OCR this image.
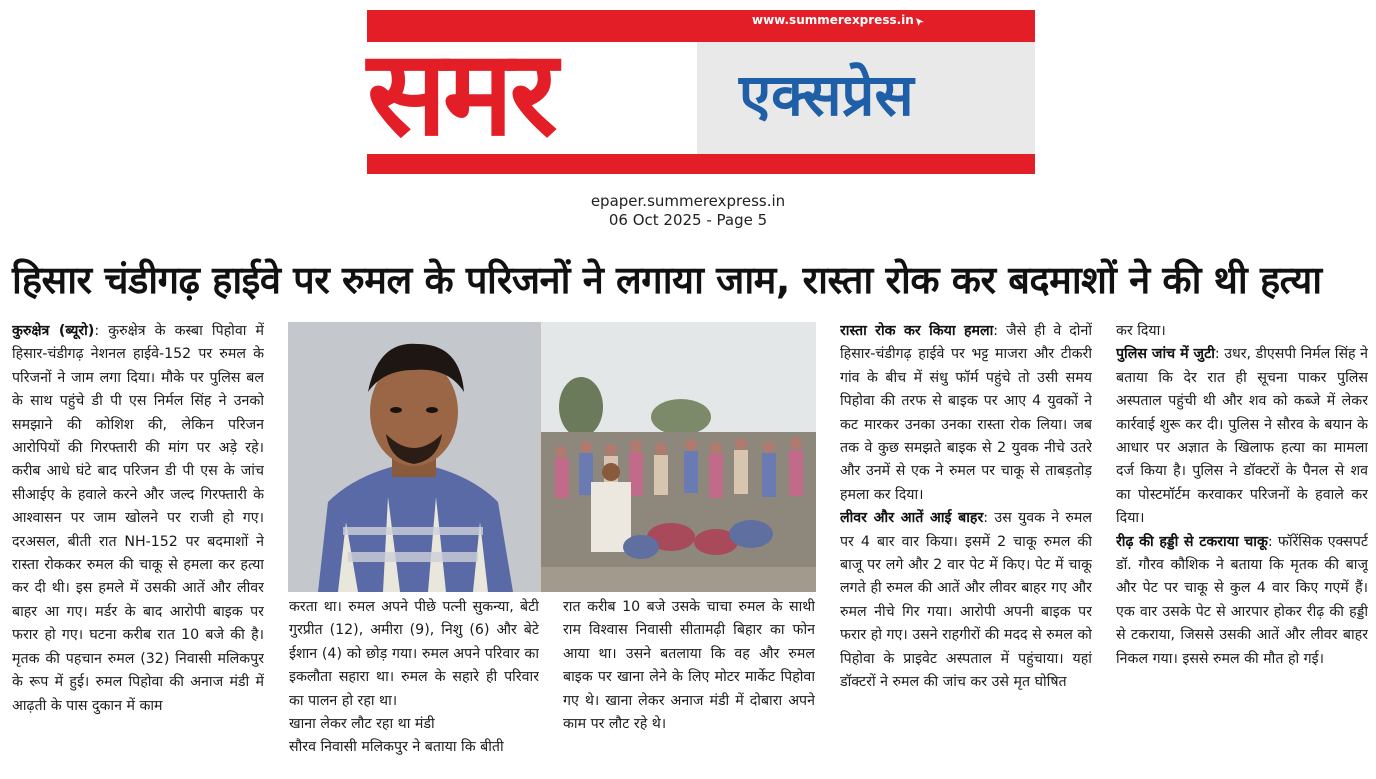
समर	एक्सप्रेस
www.summerexpress.in
epaper.summerexpress.in
06 Oct 2025 - Page 5
हिसार चंडीगढ़ हाईवे पर रुमल के परिजनों ने लगाया जाम, रास्ता रोक कर बदमाशों ने की थी हत्या

कुरुक्षेत्र (ब्यूरो): कुरुक्षेत्र के कस्बा पिहोवा में हिसार-चंडीगढ़ नेशनल हाईवे-152 पर रुमल के परिजनों ने जाम लगा दिया। मौके पर पुलिस बल के साथ पहुंचे डी पी एस निर्मल सिंह ने उनको समझाने की कोशिश की, लेकिन परिजन आरोपियों की गिरफ्तारी की मांग पर अड़े रहे। करीब आधे घंटे बाद परिजन डी पी एस के जांच सीआईए के हवाले करने और जल्द गिरफ्तारी के आश्वासन पर जाम खोलने पर राजी हो गए। दरअसल, बीती रात NH-152 पर बदमाशों ने रास्ता रोककर रुमल की चाकू से हमला कर हत्या कर दी थी। इस हमले में उसकी आतें और लीवर बाहर आ गए। मर्डर के बाद आरोपी बाइक पर फरार हो गए। घटना करीब रात 10 बजे की है। मृतक की पहचान रुमल (32) निवासी मलिकपुर के रूप में हुई। रुमल पिहोवा की अनाज मंडी में आढ़ती के पास दुकान में काम

करता था। रुमल अपने पीछे पत्नी सुकन्या, बेटी गुरप्रीत (12), अमीरा (9), निशु (6) और बेटे ईशान (4) को छोड़ गया। रुमल अपने परिवार का इकलौता सहारा था। रुमल के सहारे ही परिवार का पालन हो रहा था।

खाना लेकर लौट रहा था मंडी

सौरव निवासी मलिकपुर ने बताया कि बीती

रात करीब 10 बजे उसके चाचा रुमल के साथी राम विश्वास निवासी सीतामढ़ी बिहार का फोन आया था। उसने बतलाया कि वह और रुमल बाइक पर खाना लेने के लिए मोटर मार्केट पिहोवा गए थे। खाना लेकर अनाज मंडी में दोबारा अपने काम पर लौट रहे थे।

रास्ता रोक कर किया हमला: जैसे ही वे दोनों हिसार-चंडीगढ़ हाईवे पर भट्ट माजरा और टीकरी गांव के बीच में संधु फॉर्म पहुंचे तो उसी समय पिहोवा की तरफ से बाइक पर आए 4 युवकों ने कट मारकर उनका उनका रास्ता रोक लिया। जब तक वे कुछ समझते बाइक से 2 युवक नीचे उतरे और उनमें से एक ने रुमल पर चाकू से ताबड़तोड़ हमला कर दिया।

लीवर और आतें आई बाहर: उस युवक ने रुमल पर 4 बार वार किया। इसमें 2 चाकू रुमल की बाजू पर लगे और 2 वार पेट में किए। पेट में चाकू लगते ही रुमल की आतें और लीवर बाहर गए और रुमल नीचे गिर गया। आरोपी अपनी बाइक पर फरार हो गए। उसने राहगीरों की मदद से रुमल को पिहोवा के प्राइवेट अस्पताल में पहुंचाया। यहां डॉक्टरों ने रुमल की जांच कर उसे मृत घोषित

कर दिया।

पुलिस जांच में जुटी: उधर, डीएसपी निर्मल सिंह ने बताया कि देर रात ही सूचना पाकर पुलिस अस्पताल पहुंची थी और शव को कब्जे में लेकर कार्रवाई शुरू कर दी। पुलिस ने सौरव के बयान के आधार पर अज्ञात के खिलाफ हत्या का मामला दर्ज किया है। पुलिस ने डॉक्टरों के पैनल से शव का पोस्टमॉर्टम करवाकर परिजनों के हवाले कर दिया।

रीढ़ की हड्डी से टकराया चाकू: फॉरेंसिक एक्सपर्ट डॉ. गौरव कौशिक ने बताया कि मृतक की बाजू और पेट पर चाकू से कुल 4 वार किए गएमें हैं। एक वार उसके पेट से आरपार होकर रीढ़ की हड्डी से टकराया, जिससे उसकी आतें और लीवर बाहर निकल गया। इससे रुमल की मौत हो गई।
